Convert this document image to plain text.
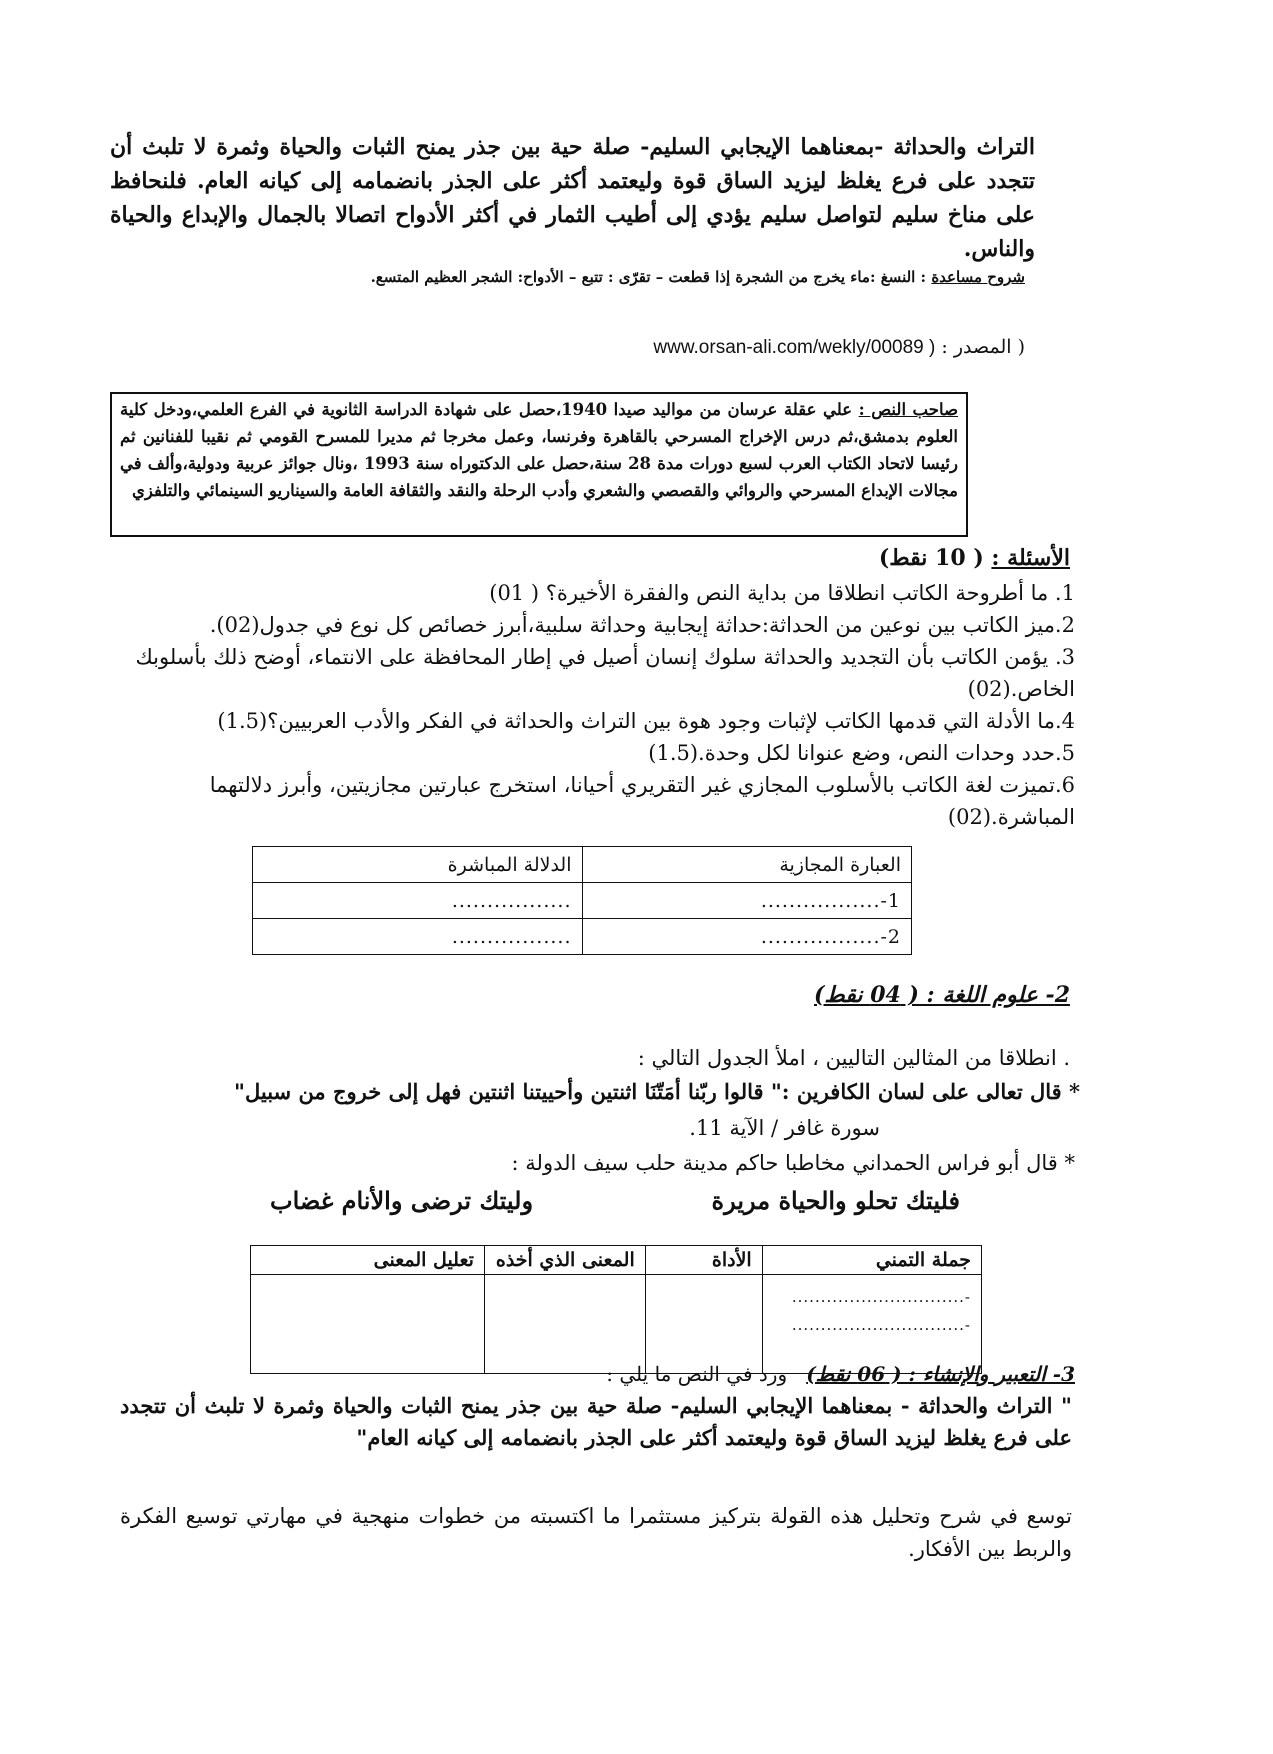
التراث والحداثة -بمعناهما الإيجابي السليم- صلة حية بين جذر يمنح الثبات والحياة وثمرة لا تلبث أن تتجدد على فرع يغلظ ليزيد الساق قوة وليعتمد أكثر على الجذر بانضمامه إلى كيانه العام. فلنحافظ على مناخ سليم لتواصل سليم يؤدي إلى أطيب الثمار في أكثر الأدواح اتصالا بالجمال والإبداع والحياة والناس.
شروح مساعدة : النسغ :ماء يخرج من الشجرة إذا قطعت – تقرّى : تتبع – الأدواح: الشجر العظيم المتسع.
( المصدر : www.orsan-ali.com/wekly/00089 )
صاحب النص : علي عقلة عرسان من مواليد صيدا 1940،حصل على شهادة الدراسة الثانوية في الفرع العلمي،ودخل كلية العلوم بدمشق،ثم درس الإخراج المسرحي بالقاهرة وفرنسا، وعمل مخرجا ثم مديرا للمسرح القومي ثم نقيبا للفنانين ثم رئيسا لاتحاد الكتاب العرب لسبع دورات مدة 28 سنة،حصل على الدكتوراه سنة 1993 ،ونال جوائز عربية ودولية،وألف في مجالات الإبداع المسرحي والروائي والقصصي والشعري وأدب الرحلة والنقد والثقافة العامة والسيناريو السينمائي والتلفزي
الأسئلة : ( 10 نقط)

1. ما أطروحة الكاتب انطلاقا من بداية النص والفقرة الأخيرة؟ ( 01)

2.ميز الكاتب بين نوعين من الحداثة:حداثة إيجابية وحداثة سلبية،أبرز خصائص كل نوع في جدول(02).

3. يؤمن الكاتب بأن التجديد والحداثة سلوك إنسان أصيل في إطار المحافظة على الانتماء، أوضح ذلك بأسلوبك الخاص.(02)

4.ما الأدلة التي قدمها الكاتب لإثبات وجود هوة بين التراث والحداثة في الفكر والأدب العربيين؟(1.5)

5.حدد وحدات النص، وضع عنوانا لكل وحدة.(1.5)

6.تميزت لغة الكاتب بالأسلوب المجازي غير التقريري أحيانا، استخرج عبارتين مجازيتين، وأبرز دلالتهما المباشرة.(02)

العبارة المجازية	الدلالة المباشرة
1-.................	.................
2-.................	.................
2- علوم اللغة : ( 04 نقط)
. انطلاقا من المثالين التاليين ، املأ الجدول التالي :
* قال تعالى على لسان الكافرين :" قالوا ربّنا أمَتّنَا اثنتين وأحييتنا اثنتين فهل إلى خروج من سبيل"
سورة غافر / الآية 11.
* قال أبو فراس الحمداني مخاطبا حاكم مدينة حلب سيف الدولة :
فليتك تحلو والحياة مريرة
وليتك ترضى والأنام غضاب
جملة التمني	الأداة	المعنى الذي أخذه	تعليل المعنى

-..............................
-..............................			

3- التعبير والإنشاء : ( 06 نقط)   ورد في النص ما يلي :
" التراث والحداثة - بمعناهما الإيجابي السليم- صلة حية بين جذر يمنح الثبات والحياة وثمرة لا تلبث أن تتجدد على فرع يغلظ ليزيد الساق قوة وليعتمد أكثر على الجذر بانضمامه إلى كيانه العام"
توسع في شرح وتحليل هذه القولة بتركيز مستثمرا ما اكتسبته من خطوات منهجية في مهارتي توسيع الفكرة والربط بين الأفكار.
